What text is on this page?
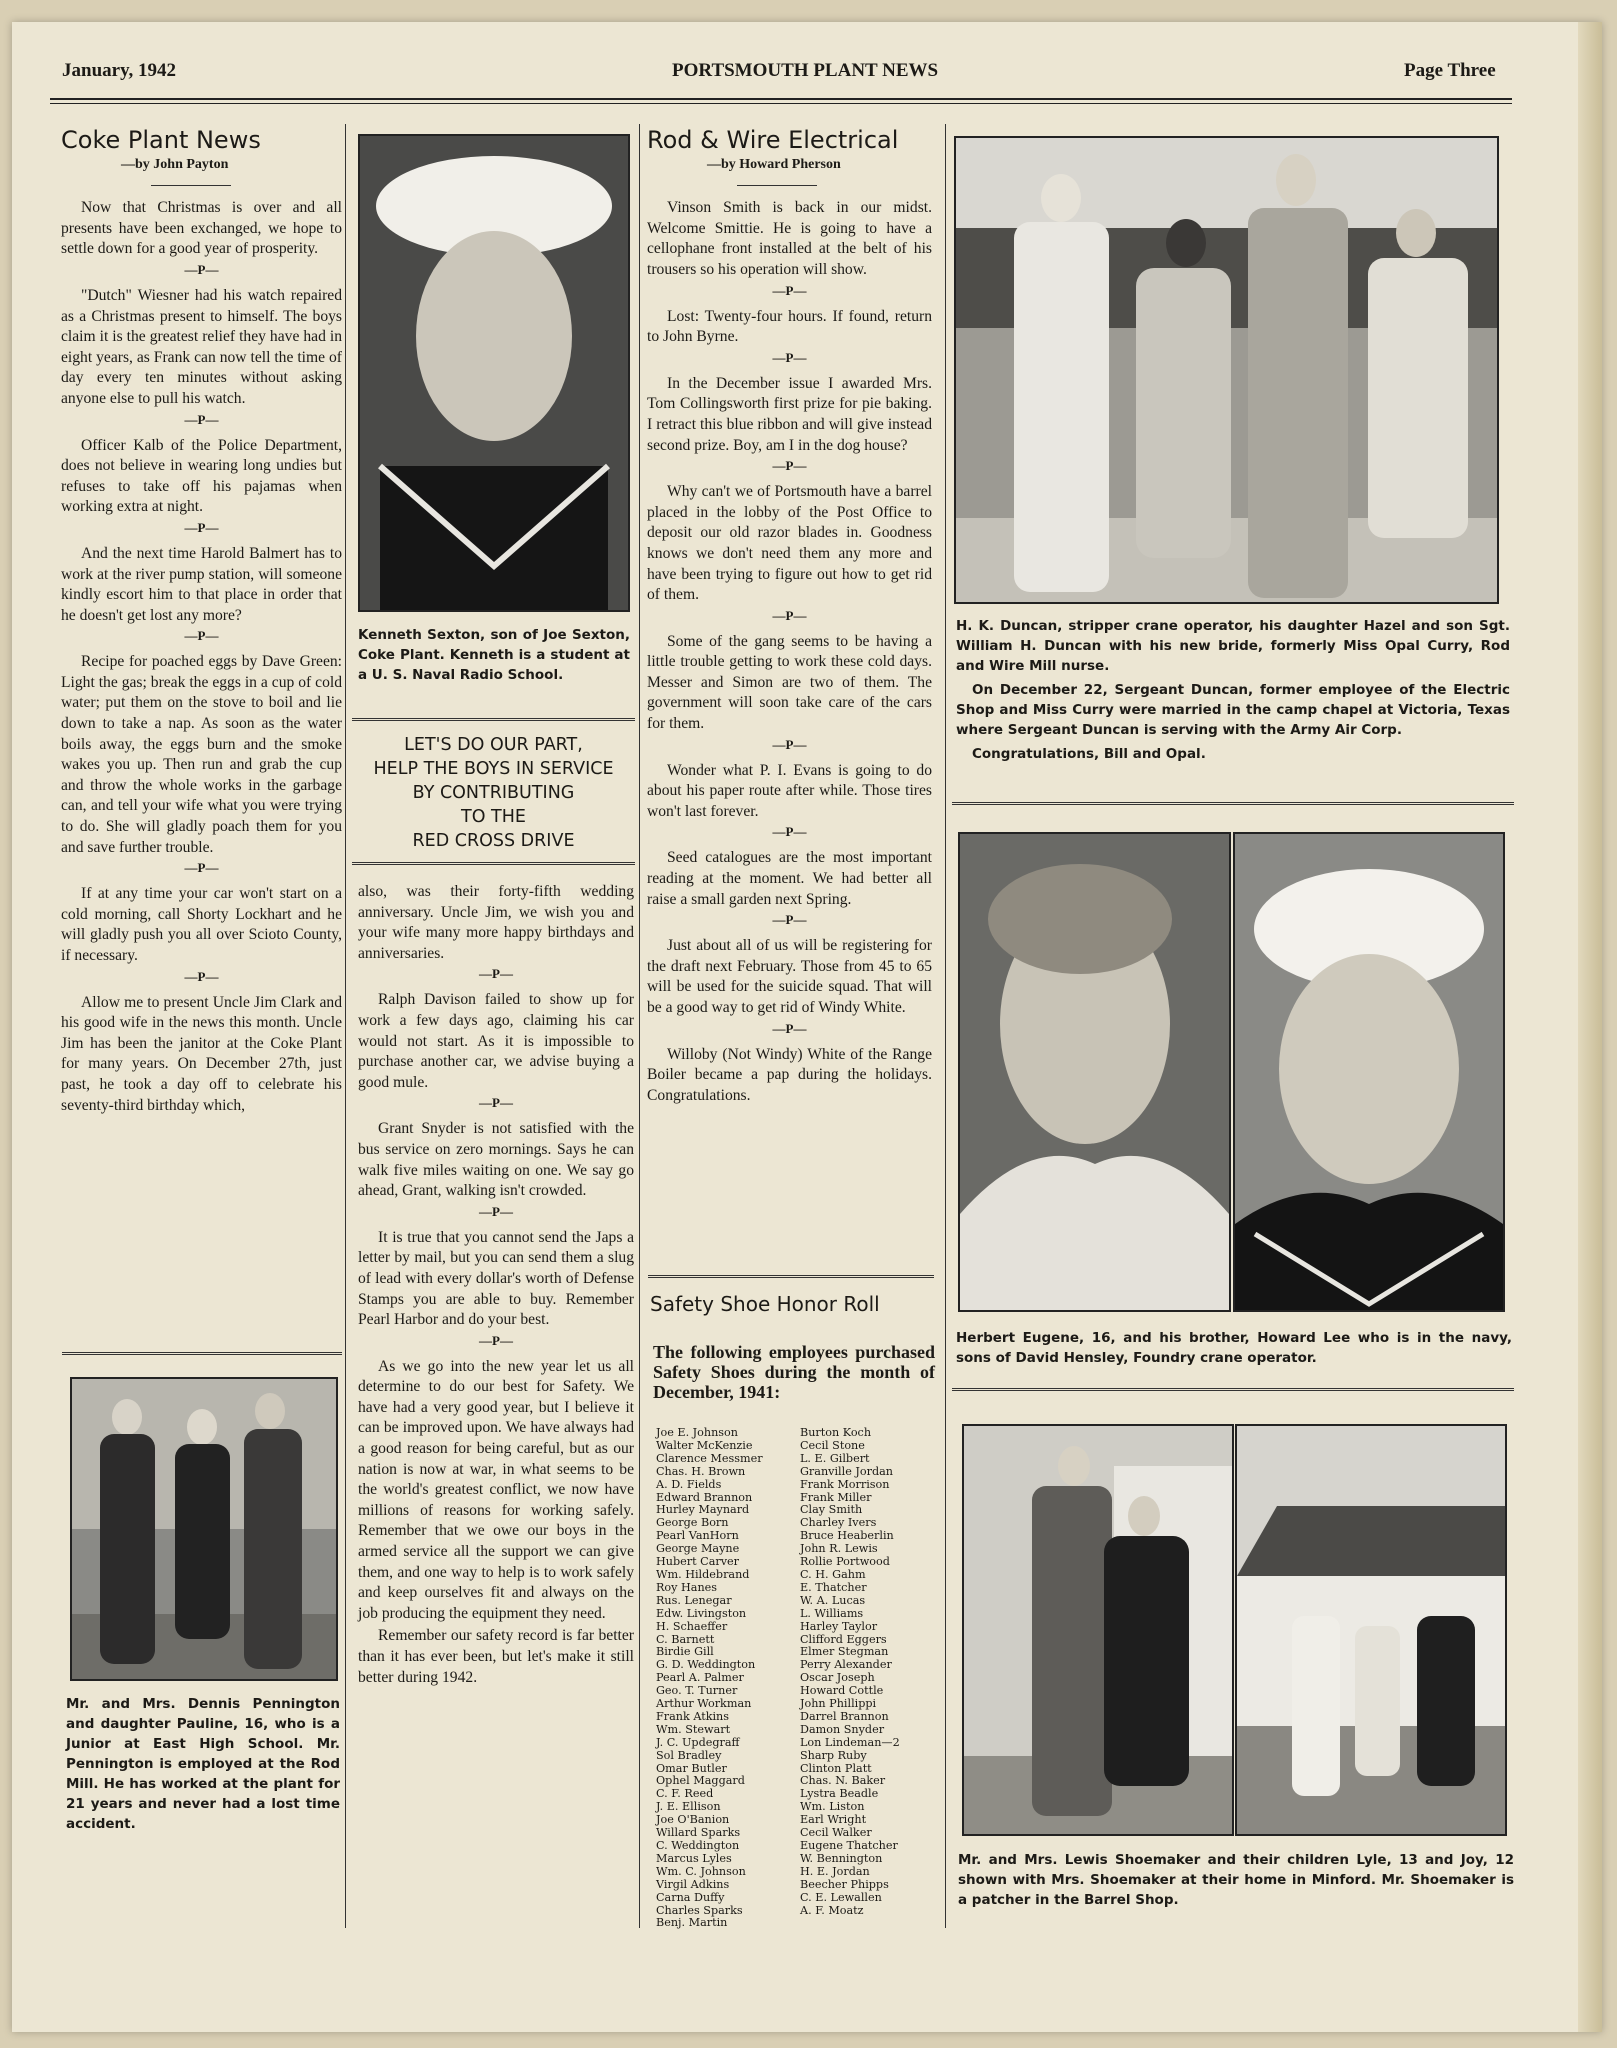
January, 1942	PORTSMOUTH PLANT NEWS	Page Three
Coke Plant News
—by John Payton

Now that Christmas is over and all presents have been exchanged, we hope to settle down for a good year of prosperity.

—P—

"Dutch" Wiesner had his watch repaired as a Christmas present to himself. The boys claim it is the greatest relief they have had in eight years, as Frank can now tell the time of day every ten minutes without asking anyone else to pull his watch.

—P—

Officer Kalb of the Police Department, does not believe in wearing long undies but refuses to take off his pajamas when working extra at night.

—P—

And the next time Harold Balmert has to work at the river pump station, will someone kindly escort him to that place in order that he doesn't get lost any more?

—P—

Recipe for poached eggs by Dave Green: Light the gas; break the eggs in a cup of cold water; put them on the stove to boil and lie down to take a nap. As soon as the water boils away, the eggs burn and the smoke wakes you up. Then run and grab the cup and throw the whole works in the garbage can, and tell your wife what you were trying to do. She will gladly poach them for you and save further trouble.

—P—

If at any time your car won't start on a cold morning, call Shorty Lockhart and he will gladly push you all over Scioto County, if necessary.

—P—

Allow me to present Uncle Jim Clark and his good wife in the news this month. Uncle Jim has been the janitor at the Coke Plant for many years. On December 27th, just past, he took a day off to celebrate his seventy-third birthday which,

Mr. and Mrs. Dennis Pennington and daughter Pauline, 16, who is a Junior at East High School. Mr. Pennington is employed at the Rod Mill. He has worked at the plant for 21 years and never had a lost time accident.

Kenneth Sexton, son of Joe Sexton, Coke Plant. Kenneth is a student at a U. S. Naval Radio School.

LET'S DO OUR PART,
HELP THE BOYS IN SERVICE
BY CONTRIBUTING
TO THE
RED CROSS DRIVE

also, was their forty-fifth wedding anniversary. Uncle Jim, we wish you and your wife many more happy birthdays and anniversaries.

—P—

Ralph Davison failed to show up for work a few days ago, claiming his car would not start. As it is impossible to purchase another car, we advise buying a good mule.

—P—

Grant Snyder is not satisfied with the bus service on zero mornings. Says he can walk five miles waiting on one. We say go ahead, Grant, walking isn't crowded.

—P—

It is true that you cannot send the Japs a letter by mail, but you can send them a slug of lead with every dollar's worth of Defense Stamps you are able to buy. Remember Pearl Harbor and do your best.

—P—

As we go into the new year let us all determine to do our best for Safety. We have had a very good year, but I believe it can be improved upon. We have always had a good reason for being careful, but as our nation is now at war, in what seems to be the world's greatest conflict, we now have millions of reasons for working safely. Remember that we owe our boys in the armed service all the support we can give them, and one way to help is to work safely and keep ourselves fit and always on the job producing the equipment they need.

Remember our safety record is far better than it has ever been, but let's make it still better during 1942.

Rod & Wire Electrical
—by Howard Pherson

Vinson Smith is back in our midst. Welcome Smittie. He is going to have a cellophane front installed at the belt of his trousers so his operation will show.

—P—

Lost: Twenty-four hours. If found, return to John Byrne.

—P—

In the December issue I awarded Mrs. Tom Collingsworth first prize for pie baking. I retract this blue ribbon and will give instead second prize. Boy, am I in the dog house?

—P—

Why can't we of Portsmouth have a barrel placed in the lobby of the Post Office to deposit our old razor blades in. Goodness knows we don't need them any more and have been trying to figure out how to get rid of them.

—P—

Some of the gang seems to be having a little trouble getting to work these cold days. Messer and Simon are two of them. The government will soon take care of the cars for them.

—P—

Wonder what P. I. Evans is going to do about his paper route after while. Those tires won't last forever.

—P—

Seed catalogues are the most important reading at the moment. We had better all raise a small garden next Spring.

—P—

Just about all of us will be registering for the draft next February. Those from 45 to 65 will be used for the suicide squad. That will be a good way to get rid of Windy White.

—P—

Willoby (Not Windy) White of the Range Boiler became a pap during the holidays. Congratulations.

Safety Shoe Honor Roll
The following employees purchased Safety Shoes during the month of December, 1941:
Joe E. Johnson
Walter McKenzie
Clarence Messmer
Chas. H. Brown
A. D. Fields
Edward Brannon
Hurley Maynard
George Born
Pearl VanHorn
George Mayne
Hubert Carver
Wm. Hildebrand
Roy Hanes
Rus. Lenegar
Edw. Livingston
H. Schaeffer
C. Barnett
Birdie Gill
G. D. Weddington
Pearl A. Palmer
Geo. T. Turner
Arthur Workman
Frank Atkins
Wm. Stewart
J. C. Updegraff
Sol Bradley
Omar Butler
Ophel Maggard
C. F. Reed
J. E. Ellison
Joe O'Banion
Willard Sparks
C. Weddington
Marcus Lyles
Wm. C. Johnson
Virgil Adkins
Carna Duffy
Charles Sparks
Benj. Martin
Burton Koch
Cecil Stone
L. E. Gilbert
Granville Jordan
Frank Morrison
Frank Miller
Clay Smith
Charley Ivers
Bruce Heaberlin
John R. Lewis
Rollie Portwood
C. H. Gahm
E. Thatcher
W. A. Lucas
L. Williams
Harley Taylor
Clifford Eggers
Elmer Stegman
Perry Alexander
Oscar Joseph
Howard Cottle
John Phillippi
Darrel Brannon
Damon Snyder
Lon Lindeman—2
Sharp Ruby
Clinton Platt
Chas. N. Baker
Lystra Beadle
Wm. Liston
Earl Wright
Cecil Walker
Eugene Thatcher
W. Bennington
H. E. Jordan
Beecher Phipps
C. E. Lewallen
A. F. Moatz

H. K. Duncan, stripper crane operator, his daughter Hazel and son Sgt. William H. Duncan with his new bride, formerly Miss Opal Curry, Rod and Wire Mill nurse.

On December 22, Sergeant Duncan, former employee of the Electric Shop and Miss Curry were married in the camp chapel at Victoria, Texas where Sergeant Duncan is serving with the Army Air Corp.

Congratulations, Bill and Opal.

Herbert Eugene, 16, and his brother, Howard Lee who is in the navy, sons of David Hensley, Foundry crane operator.

Mr. and Mrs. Lewis Shoemaker and their children Lyle, 13 and Joy, 12 shown with Mrs. Shoemaker at their home in Minford. Mr. Shoemaker is a patcher in the Barrel Shop.
